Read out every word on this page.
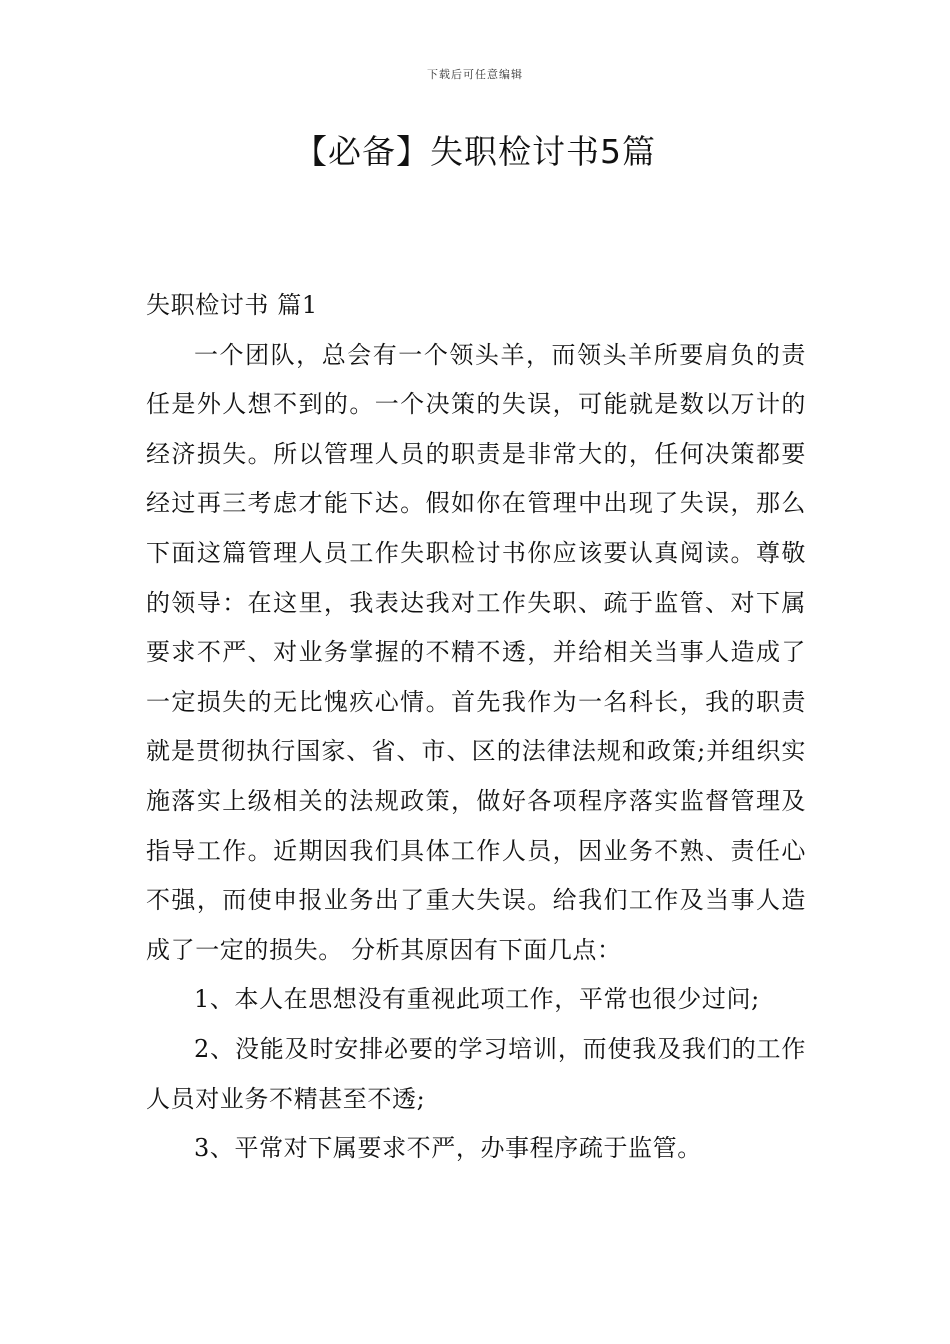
下载后可任意编辑
【必备】失职检讨书5篇

失职检讨书 篇1

一个团队，总会有一个领头羊，而领头羊所要肩负的责任是外人想不到的。一个决策的失误，可能就是数以万计的经济损失。所以管理人员的职责是非常大的，任何决策都要经过再三考虑才能下达。假如你在管理中出现了失误，那么下面这篇管理人员工作失职检讨书你应该要认真阅读。尊敬的领导：在这里，我表达我对工作失职、疏于监管、对下属要求不严、对业务掌握的不精不透，并给相关当事人造成了一定损失的无比愧疚心情。首先我作为一名科长，我的职责就是贯彻执行国家、省、市、区的法律法规和政策;并组织实施落实上级相关的法规政策，做好各项程序落实监督管理及指导工作。近期因我们具体工作人员，因业务不熟、责任心不强，而使申报业务出了重大失误。给我们工作及当事人造成了一定的损失。 分析其原因有下面几点：

1、本人在思想没有重视此项工作，平常也很少过问;

2、没能及时安排必要的学习培训，而使我及我们的工作人员对业务不精甚至不透;

3、平常对下属要求不严，办事程序疏于监管。
